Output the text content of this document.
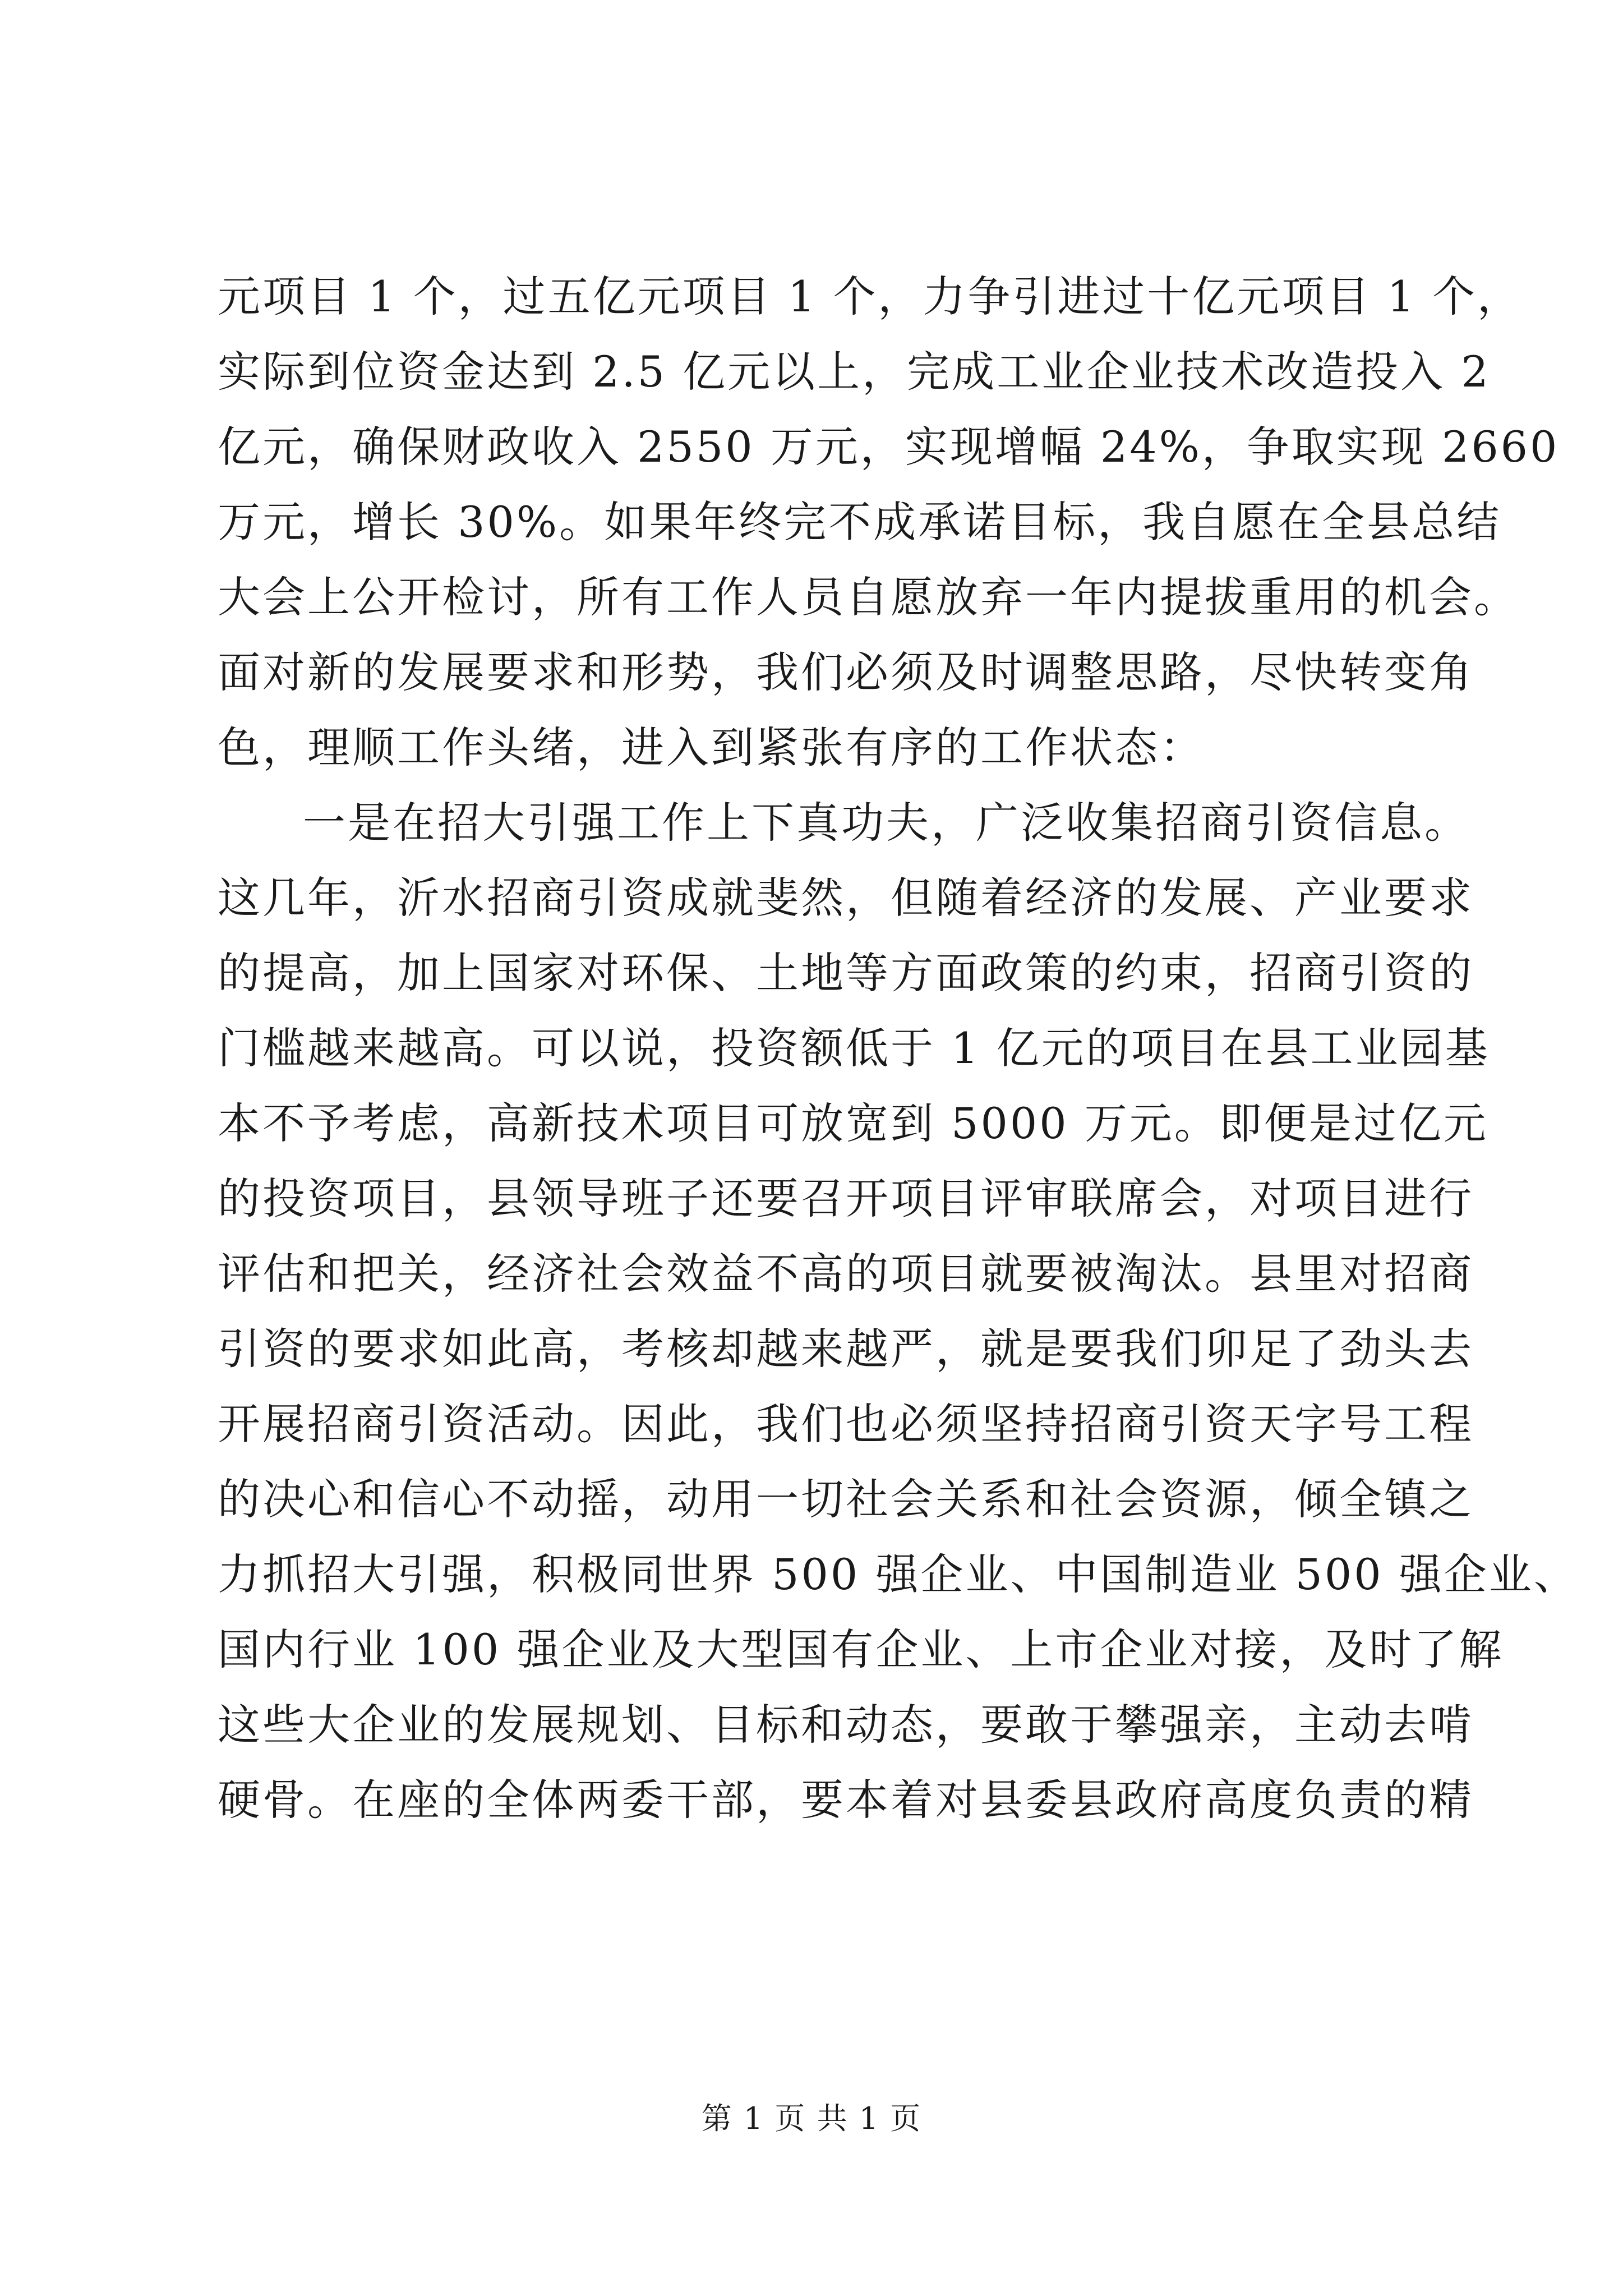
元项目 1 个，过五亿元项目 1 个，力争引进过十亿元项目 1 个，
实际到位资金达到 2.5 亿元以上，完成工业企业技术改造投入 2
亿元，确保财政收入 2550 万元，实现增幅 24%，争取实现 2660
万元，增长 30%。如果年终完不成承诺目标，我自愿在全县总结
大会上公开检讨，所有工作人员自愿放弃一年内提拔重用的机会。
面对新的发展要求和形势，我们必须及时调整思路，尽快转变角
色，理顺工作头绪，进入到紧张有序的工作状态：
一是在招大引强工作上下真功夫，广泛收集招商引资信息。
这几年，沂水招商引资成就斐然，但随着经济的发展、产业要求
的提高，加上国家对环保、土地等方面政策的约束，招商引资的
门槛越来越高。可以说，投资额低于 1 亿元的项目在县工业园基
本不予考虑，高新技术项目可放宽到 5000 万元。即便是过亿元
的投资项目，县领导班子还要召开项目评审联席会，对项目进行
评估和把关，经济社会效益不高的项目就要被淘汰。县里对招商
引资的要求如此高，考核却越来越严，就是要我们卯足了劲头去
开展招商引资活动。因此，我们也必须坚持招商引资天字号工程
的决心和信心不动摇，动用一切社会关系和社会资源，倾全镇之
力抓招大引强，积极同世界 500 强企业、中国制造业 500 强企业、
国内行业 100 强企业及大型国有企业、上市企业对接，及时了解
这些大企业的发展规划、目标和动态，要敢于攀强亲，主动去啃
硬骨。在座的全体两委干部，要本着对县委县政府高度负责的精
第 1 页 共 1 页
